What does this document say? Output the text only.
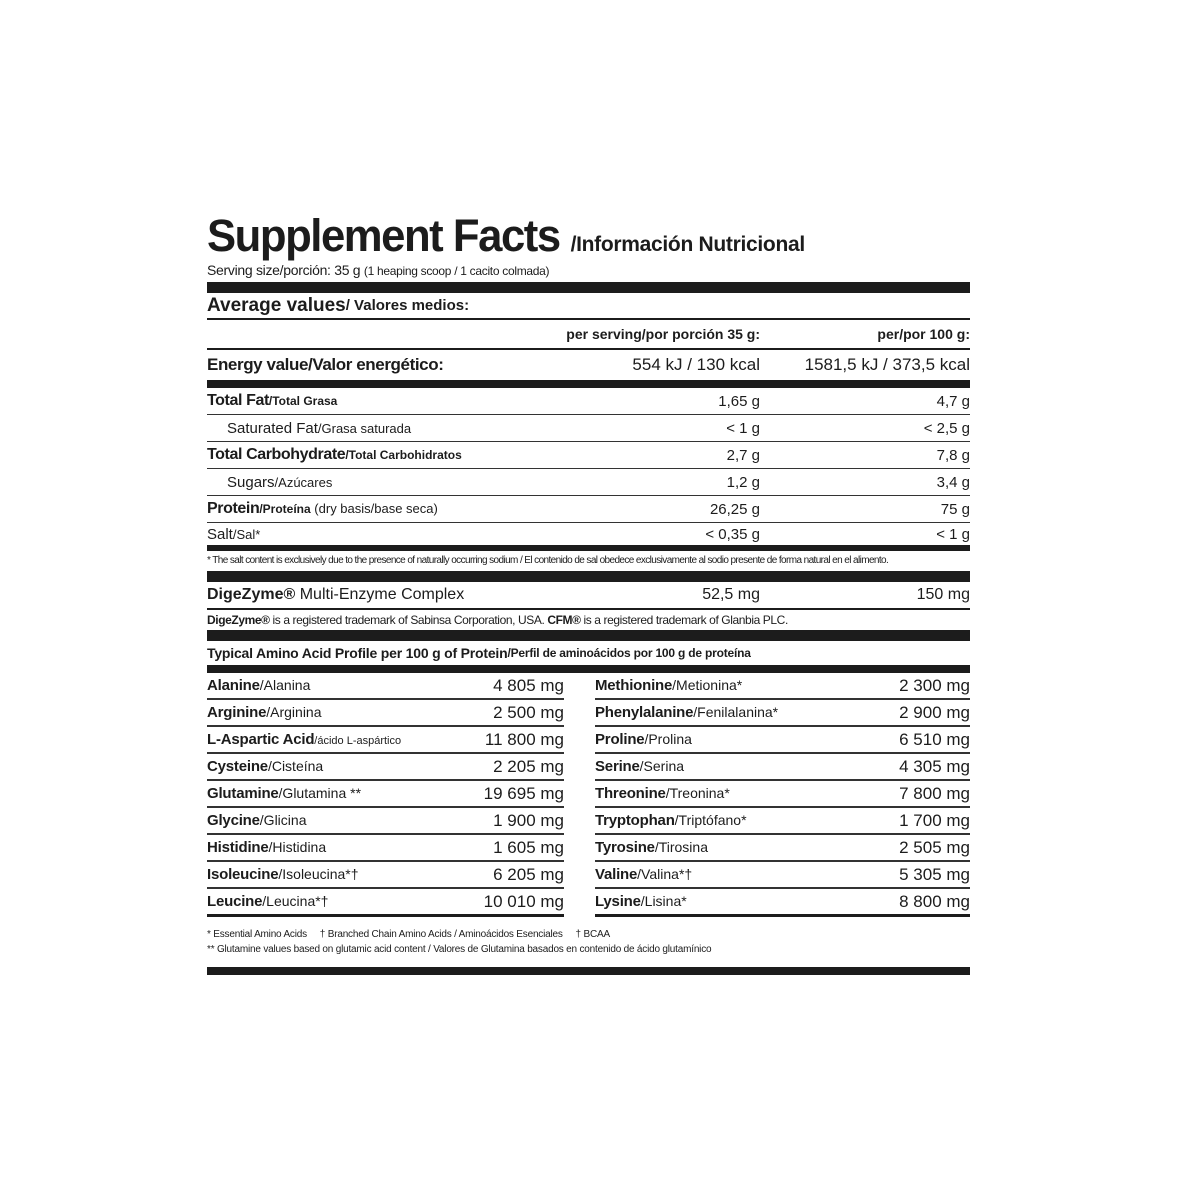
Supplement Facts /Información Nutricional
Serving size/porción: 35 g (1 heaping scoop / 1 cacito colmada)
Average values / Valores medios:
per serving/por porción 35 g:	per/por 100 g:
Energy value/Valor energético:	554 kJ / 130 kcal	1581,5 kJ / 373,5 kcal
Total Fat/Total Grasa	1,65 g	4,7 g
Saturated Fat/Grasa saturada	< 1 g	< 2,5 g
Total Carbohydrate/Total Carbohidratos	2,7 g	7,8 g
Sugars/Azúcares	1,2 g	3,4 g
Protein/Proteína (dry basis/base seca)	26,25 g	75 g
Salt/Sal*	< 0,35 g	< 1 g
* The salt content is exclusively due to the presence of naturally occurring sodium / El contenido de sal obedece exclusivamente al sodio presente de forma natural en el alimento.
DigeZyme® Multi-Enzyme Complex	52,5 mg	150 mg
DigeZyme® is a registered trademark of Sabinsa Corporation, USA. CFM® is a registered trademark of Glanbia PLC.
Typical Amino Acid Profile per 100 g of Protein /Perfil de aminoácidos por 100 g de proteína
Alanine/Alanina	4 805 mg
Arginine/Arginina	2 500 mg
L-Aspartic Acid/ácido L-aspártico	11 800 mg
Cysteine/Cisteína	2 205 mg
Glutamine/Glutamina **	19 695 mg
Glycine/Glicina	1 900 mg
Histidine/Histidina	1 605 mg
Isoleucine/Isoleucina*†	6 205 mg
Leucine/Leucina*†	10 010 mg
Methionine/Metionina*	2 300 mg
Phenylalanine/Fenilalanina*	2 900 mg
Proline/Prolina	6 510 mg
Serine/Serina	4 305 mg
Threonine/Treonina*	7 800 mg
Tryptophan/Triptófano*	1 700 mg
Tyrosine/Tirosina	2 505 mg
Valine/Valina*†	5 305 mg
Lysine/Lisina*	8 800 mg
* Essential Amino Acids     † Branched Chain Amino Acids / Aminoácidos Esenciales     † BCAA
** Glutamine values based on glutamic acid content / Valores de Glutamina basados en contenido de ácido glutamínico
